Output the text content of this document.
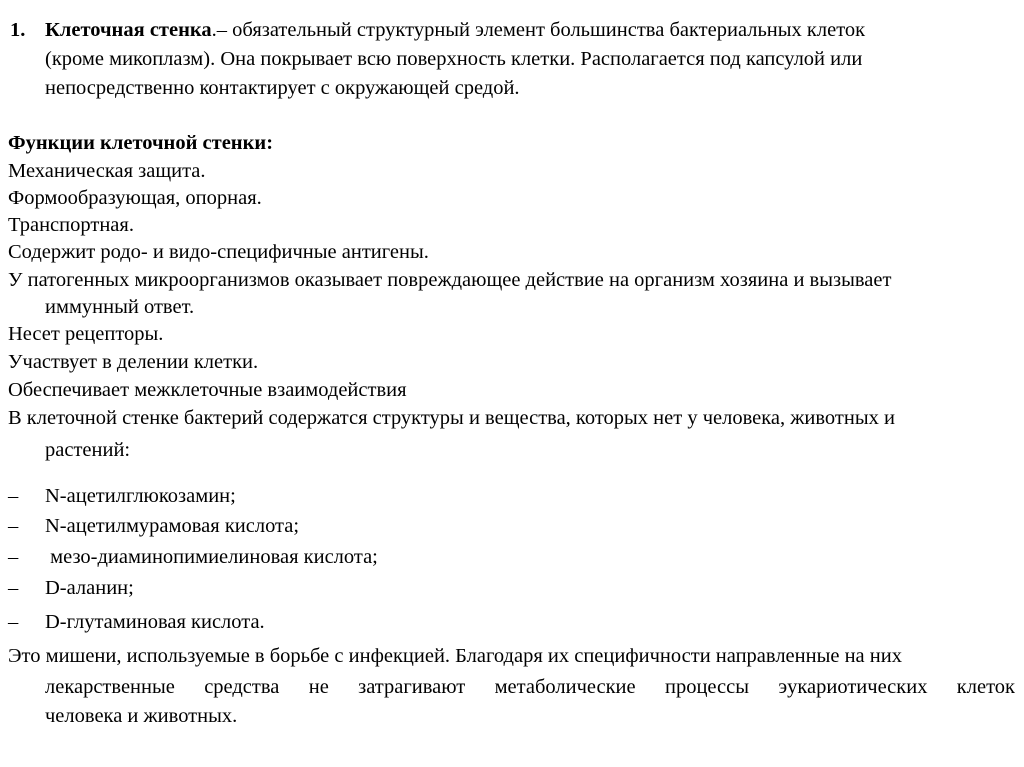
1. Клеточная стенка.– обязательный структурный элемент большинства бактериальных клеток
(кроме микоплазм). Она покрывает всю поверхность клетки. Располагается под капсулой или
непосредственно контактирует с окружающей средой.
Функции клеточной стенки:
Механическая защита.
Формообразующая, опорная.
Транспортная.
Содержит родо- и видо-специфичные антигены.
У патогенных микроорганизмов оказывает повреждающее действие на организм хозяина и вызывает
иммунный ответ.
Несет рецепторы.
Участвует в делении клетки.
Обеспечивает межклеточные взаимодействия
В клеточной стенке бактерий содержатся структуры и вещества, которых нет у человека, животных и
растений:
– N-ацетилглюкозамин;
– N-ацетилмурамовая кислота;
– мезо-диаминопимиелиновая кислота;
– D-аланин;
– D-глутаминовая кислота.
Это мишени, используемые в борьбе с инфекцией. Благодаря их специфичности направленные на них
лекарственные средства не затрагивают метаболические процессы эукариотических клеток
человека и животных.
